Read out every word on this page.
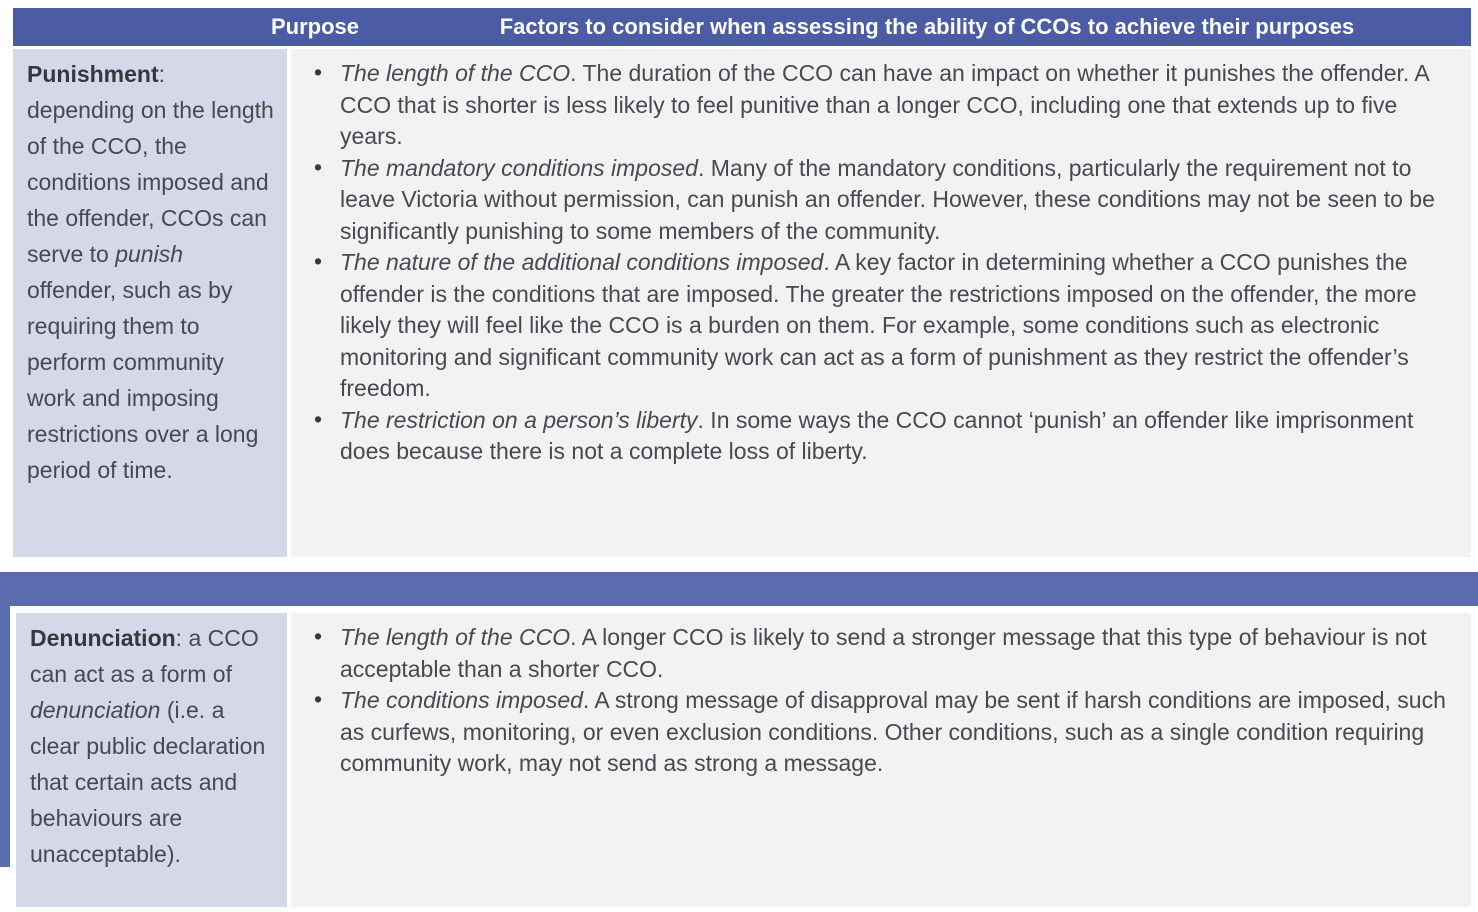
Purpose	Factors to consider when assessing the ability of CCOs to achieve their purposes
Punishment: depending on the length of the CCO, the conditions imposed and the offender, CCOs can serve to punish offender, such as by requiring them to perform community work and imposing restrictions over a long period of time.
• The length of the CCO. The duration of the CCO can have an impact on whether it punishes the offender. A CCO that is shorter is less likely to feel punitive than a longer CCO, including one that extends up to five years.
• The mandatory conditions imposed. Many of the mandatory conditions, particularly the requirement not to leave Victoria without permission, can punish an offender. However, these conditions may not be seen to be significantly punishing to some members of the community.
• The nature of the additional conditions imposed. A key factor in determining whether a CCO punishes the offender is the conditions that are imposed. The greater the restrictions imposed on the offender, the more likely they will feel like the CCO is a burden on them. For example, some conditions such as electronic monitoring and significant community work can act as a form of punishment as they restrict the offender’s freedom.
• The restriction on a person’s liberty. In some ways the CCO cannot ‘punish’ an offender like imprisonment does because there is not a complete loss of liberty.
Denunciation: a CCO can act as a form of denunciation (i.e. a clear public declaration that certain acts and behaviours are unacceptable).
• The length of the CCO. A longer CCO is likely to send a stronger message that this type of behaviour is not acceptable than a shorter CCO.
• The conditions imposed. A strong message of disapproval may be sent if harsh conditions are imposed, such as curfews, monitoring, or even exclusion conditions. Other conditions, such as a single condition requiring community work, may not send as strong a message.
